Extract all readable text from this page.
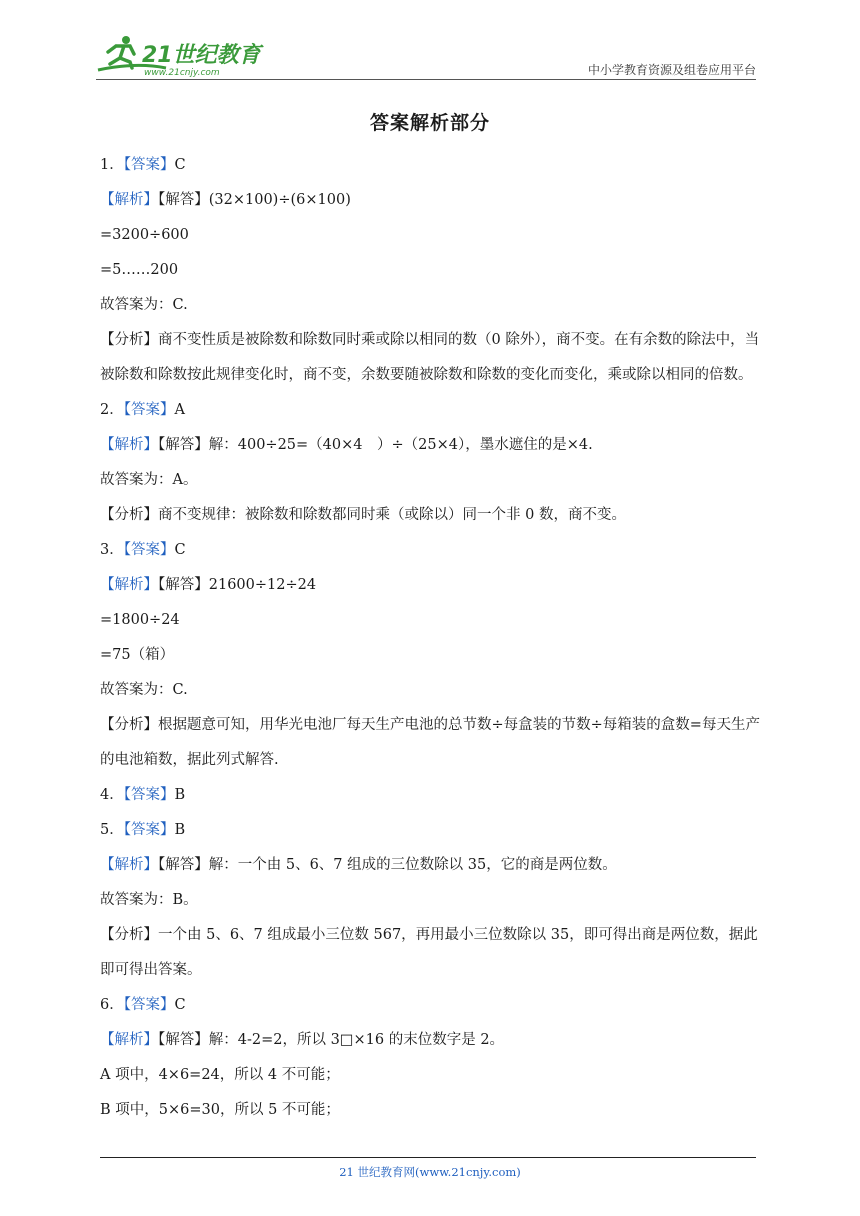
21世纪教育
www.21cnjy.com	中小学教育资源及组卷应用平台
答案解析部分
1．【答案】C
【解析】【解答】(32×100)÷(6×100)
=3200÷600
=5……200
故答案为：C.
【分析】商不变性质是被除数和除数同时乘或除以相同的数（0 除外），商不变。在有余数的除法中，当被除数和除数按此规律变化时，商不变，余数要随被除数和除数的变化而变化，乘或除以相同的倍数。
2．【答案】A
【解析】【解答】解：400÷25=（40×4　）÷（25×4），墨水遮住的是×4.
故答案为：A。
【分析】商不变规律：被除数和除数都同时乘（或除以）同一个非 0 数，商不变。
3．【答案】C
【解析】【解答】21600÷12÷24
=1800÷24
=75（箱）
故答案为：C.
【分析】根据题意可知，用华光电池厂每天生产电池的总节数÷每盒装的节数÷每箱装的盒数=每天生产的电池箱数，据此列式解答.
4．【答案】B
5．【答案】B
【解析】【解答】解：一个由 5、6、7 组成的三位数除以 35，它的商是两位数。
故答案为：B。
【分析】一个由 5、6、7 组成最小三位数 567，再用最小三位数除以 35，即可得出商是两位数，据此即可得出答案。
6．【答案】C
【解析】【解答】解：4-2=2，所以 3□×16 的末位数字是 2。
A 项中，4×6=24，所以 4 不可能；
B 项中，5×6=30，所以 5 不可能；
21 世纪教育网(www.21cnjy.com)
